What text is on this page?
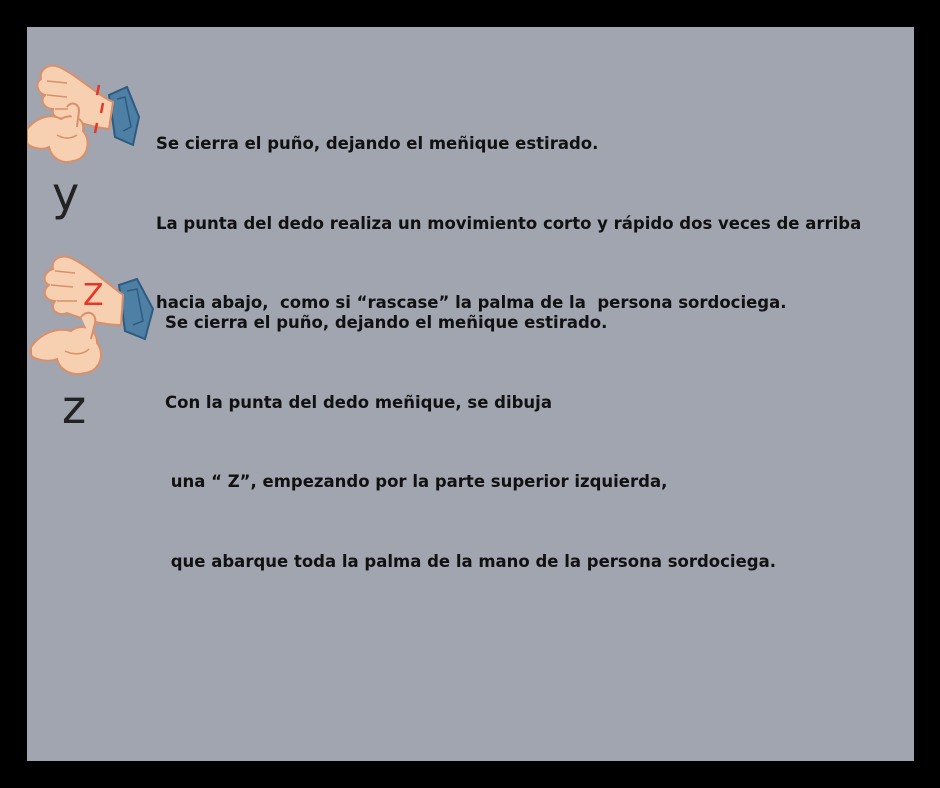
y

Se cierra el puño, dejando el meñique estirado.

La punta del dedo realiza un movimiento corto y rápido dos veces de arriba

hacia abajo,  como si “rascase” la palma de la  persona sordociega.

Z
z

Se cierra el puño, dejando el meñique estirado.

Con la punta del dedo meñique, se dibuja

una “ Z”, empezando por la parte superior izquierda,

que abarque toda la palma de la mano de la persona sordociega.
